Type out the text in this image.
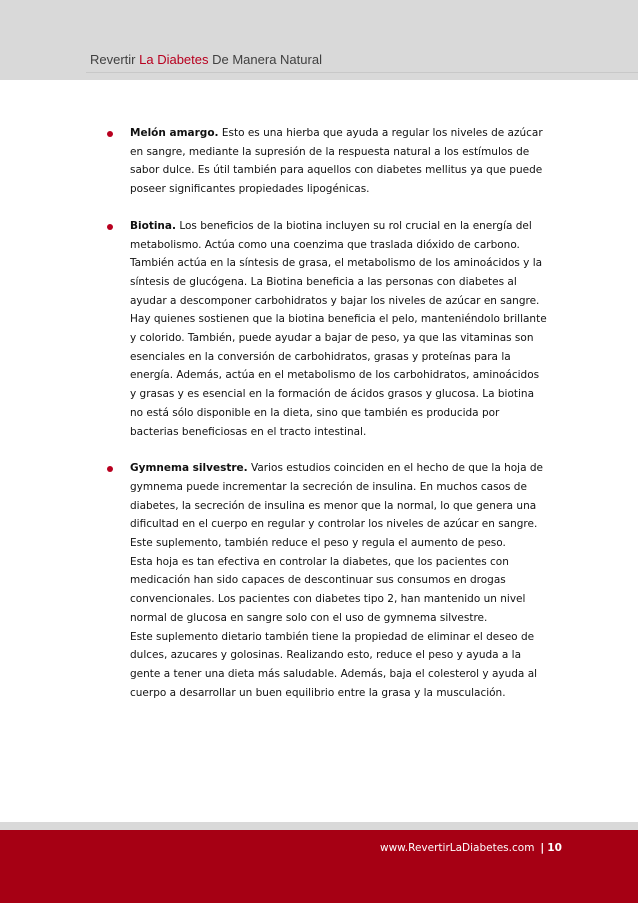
Revertir La Diabetes De Manera Natural

Melón amargo. Esto es una hierba que ayuda a regular los niveles de azúcar en sangre, mediante la supresión de la respuesta natural a los estímulos de sabor dulce. Es útil también para aquellos con diabetes mellitus ya que puede poseer significantes propiedades lipogénicas.

Biotina. Los beneficios de la biotina incluyen su rol crucial en la energía del metabolismo. Actúa como una coenzima que traslada dióxido de carbono. También actúa en la síntesis de grasa, el metabolismo de los aminoácidos y la síntesis de glucógena. La Biotina beneficia a las personas con diabetes al ayudar a descomponer carbohidratos y bajar los niveles de azúcar en sangre. Hay quienes sostienen que la biotina beneficia el pelo, manteniéndolo brillante y colorido. También, puede ayudar a bajar de peso, ya que las vitaminas son esenciales en la conversión de carbohidratos, grasas y proteínas para la energía. Además, actúa en el metabolismo de los carbohidratos, aminoácidos y grasas y es esencial en la formación de ácidos grasos y glucosa. La biotina no está sólo disponible en la dieta, sino que también es producida por bacterias beneficiosas en el tracto intestinal.

Gymnema silvestre. Varios estudios coinciden en el hecho de que la hoja de gymnema puede incrementar la secreción de insulina. En muchos casos de diabetes, la secreción de insulina es menor que la normal, lo que genera una dificultad en el cuerpo en regular y controlar los niveles de azúcar en sangre. Este suplemento, también reduce el peso y regula el aumento de peso.

Esta hoja es tan efectiva en controlar la diabetes, que los pacientes con medicación han sido capaces de descontinuar sus consumos en drogas convencionales. Los pacientes con diabetes tipo 2, han mantenido un nivel normal de glucosa en sangre solo con el uso de gymnema silvestre.

Este suplemento dietario también tiene la propiedad de eliminar el deseo de dulces, azucares y golosinas. Realizando esto, reduce el peso y ayuda a la gente a tener una dieta más saludable. Además, baja el colesterol y ayuda al cuerpo a desarrollar un buen equilibrio entre la grasa y la musculación.

www.RevertirLaDiabetes.com | 10
